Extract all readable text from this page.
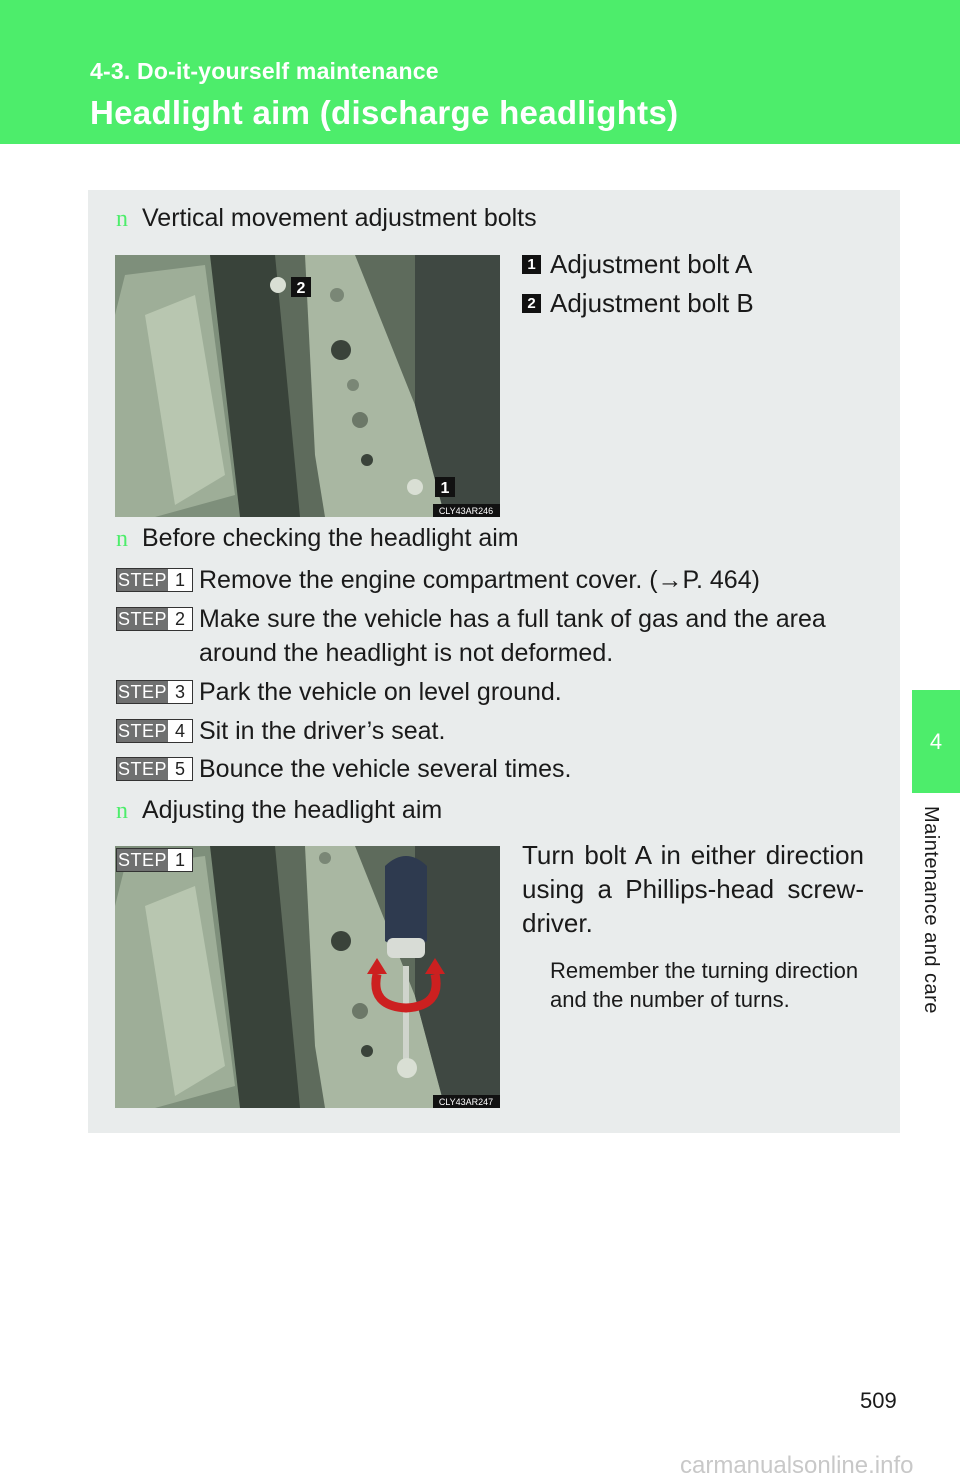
4-3. Do-it-yourself maintenance
Headlight aim (discharge headlights)
4
Maintenance and care
n Vertical movement adjustment bolts
2
1
CLY43AR246
1 Adjustment bolt A
2 Adjustment bolt B
n Before checking the headlight aim
STEP 1 Remove the engine compartment cover. (→P. 464)
STEP 2 Make sure the vehicle has a full tank of gas and the area around the headlight is not deformed.
STEP 3 Park the vehicle on level ground.
STEP 4 Sit in the driver’s seat.
STEP 5 Bounce the vehicle several times.
n Adjusting the headlight aim
CLY43AR247
STEP 1	Turn bolt A in either direction using a Phillips-head screw-driver.
Remember the turning direction and the number of turns.
509
carmanualsonline.info
